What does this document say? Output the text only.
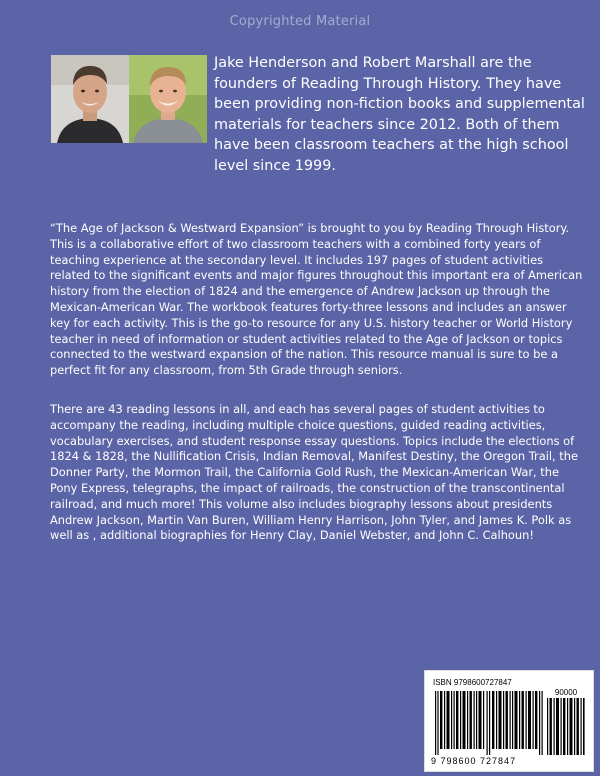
Copyrighted Material

Jake Henderson and Robert Marshall are the founders of Reading Through History. They have been providing non-fiction books and supplemental materials for teachers since 2012. Both of them have been classroom teachers at the high school level since 1999.

“The Age of Jackson & Westward Expansion” is brought to you by Reading Through History. This is a collaborative effort of two classroom teachers with a combined forty years of teaching experience at the secondary level. It includes 197 pages of student activities related to the significant events and major figures throughout this important era of American history from the election of 1824 and the emergence of Andrew Jackson up through the Mexican-American War. The workbook features forty-three lessons and includes an answer key for each activity. This is the go-to resource for any U.S. history teacher or World History teacher in need of information or student activities related to the Age of Jackson or topics connected to the westward expansion of the nation. This resource manual is sure to be a perfect fit for any classroom, from 5th Grade through seniors.

There are 43 reading lessons in all, and each has several pages of student activities to accompany the reading, including multiple choice questions, guided reading activities, vocabulary exercises, and student response essay questions. Topics include the elections of 1824 & 1828, the Nullification Crisis, Indian Removal, Manifest Destiny, the Oregon Trail, the Donner Party, the Mormon Trail, the California Gold Rush, the Mexican-American War, the Pony Express, telegraphs, the impact of railroads, the construction of the transcontinental railroad, and much more! This volume also includes biography lessons about presidents Andrew Jackson, Martin Van Buren, William Henry Harrison, John Tyler, and James K. Polk as well as , additional biographies for Henry Clay, Daniel Webster, and John C. Calhoun!

ISBN 9798600727847
90000
9 798600 727847
